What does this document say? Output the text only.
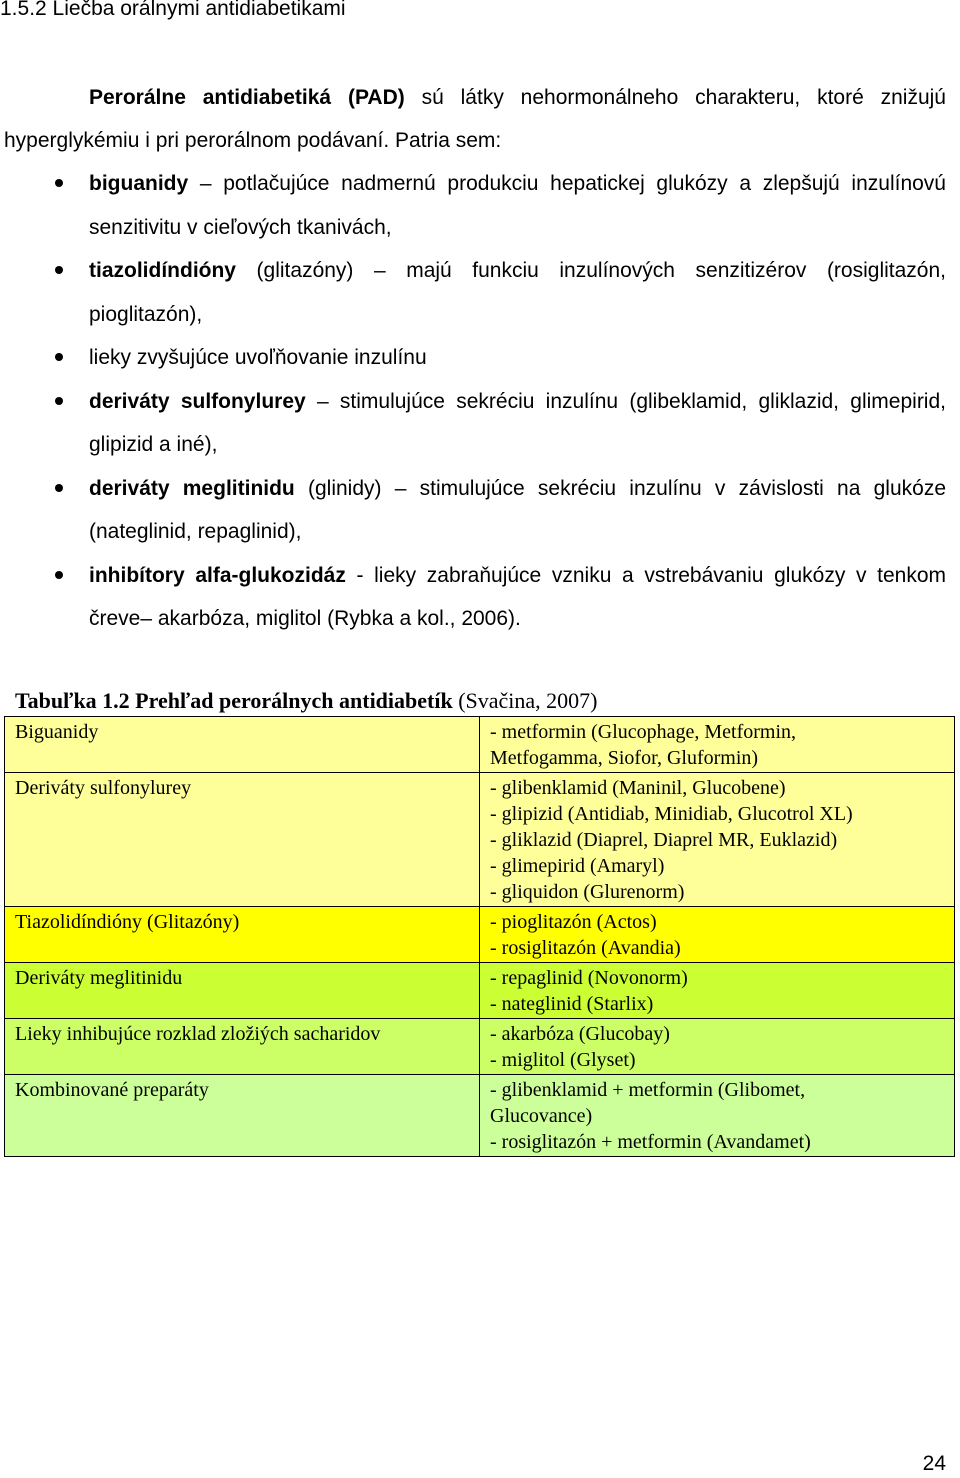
1.5.2 Liečba orálnymi antidiabetikami

Perorálne antidiabetiká (PAD) sú látky nehormonálneho charakteru, ktoré znižujú hyperglykémiu i pri perorálnom podávaní. Patria sem:

biguanidy – potlačujúce nadmernú produkciu hepatickej glukózy a zlepšujú inzulínovú senzitivitu v cieľových tkanivách,
tiazolidíndióny (glitazóny) – majú funkciu inzulínových senzitizérov (rosiglitazón, pioglitazón),
lieky zvyšujúce uvoľňovanie inzulínu
deriváty sulfonylurey – stimulujúce sekréciu inzulínu (glibeklamid, gliklazid, glimepirid, glipizid a iné),
deriváty meglitinidu (glinidy) – stimulujúce sekréciu inzulínu v závislosti na glukóze (nateglinid, repaglinid),
inhibítory alfa-glukozidáz - lieky zabraňujúce vzniku a vstrebávaniu glukózy v tenkom čreve– akarbóza, miglitol (Rybka a kol., 2006).

Tabuľka 1.2 Prehľad perorálnych antidiabetík (Svačina, 2007)

Biguanidy	- metformin (Glucophage, Metformin,
Metfogamma, Siofor, Gluformin)

Deriváty sulfonylurey	- glibenklamid (Maninil, Glucobene)
- glipizid (Antidiab, Minidiab, Glucotrol XL)
- gliklazid (Diaprel, Diaprel MR, Euklazid)
- glimepirid (Amaryl)
- gliquidon (Glurenorm)

Tiazolidíndióny (Glitazóny)	- pioglitazón (Actos)
- rosiglitazón (Avandia)

Deriváty meglitinidu	- repaglinid (Novonorm)
- nateglinid (Starlix)

Lieky inhibujúce rozklad zložiých sacharidov	- akarbóza (Glucobay)
- miglitol (Glyset)

Kombinované preparáty	- glibenklamid + metformin (Glibomet,
Glucovance)
- rosiglitazón + metformin (Avandamet)
24
